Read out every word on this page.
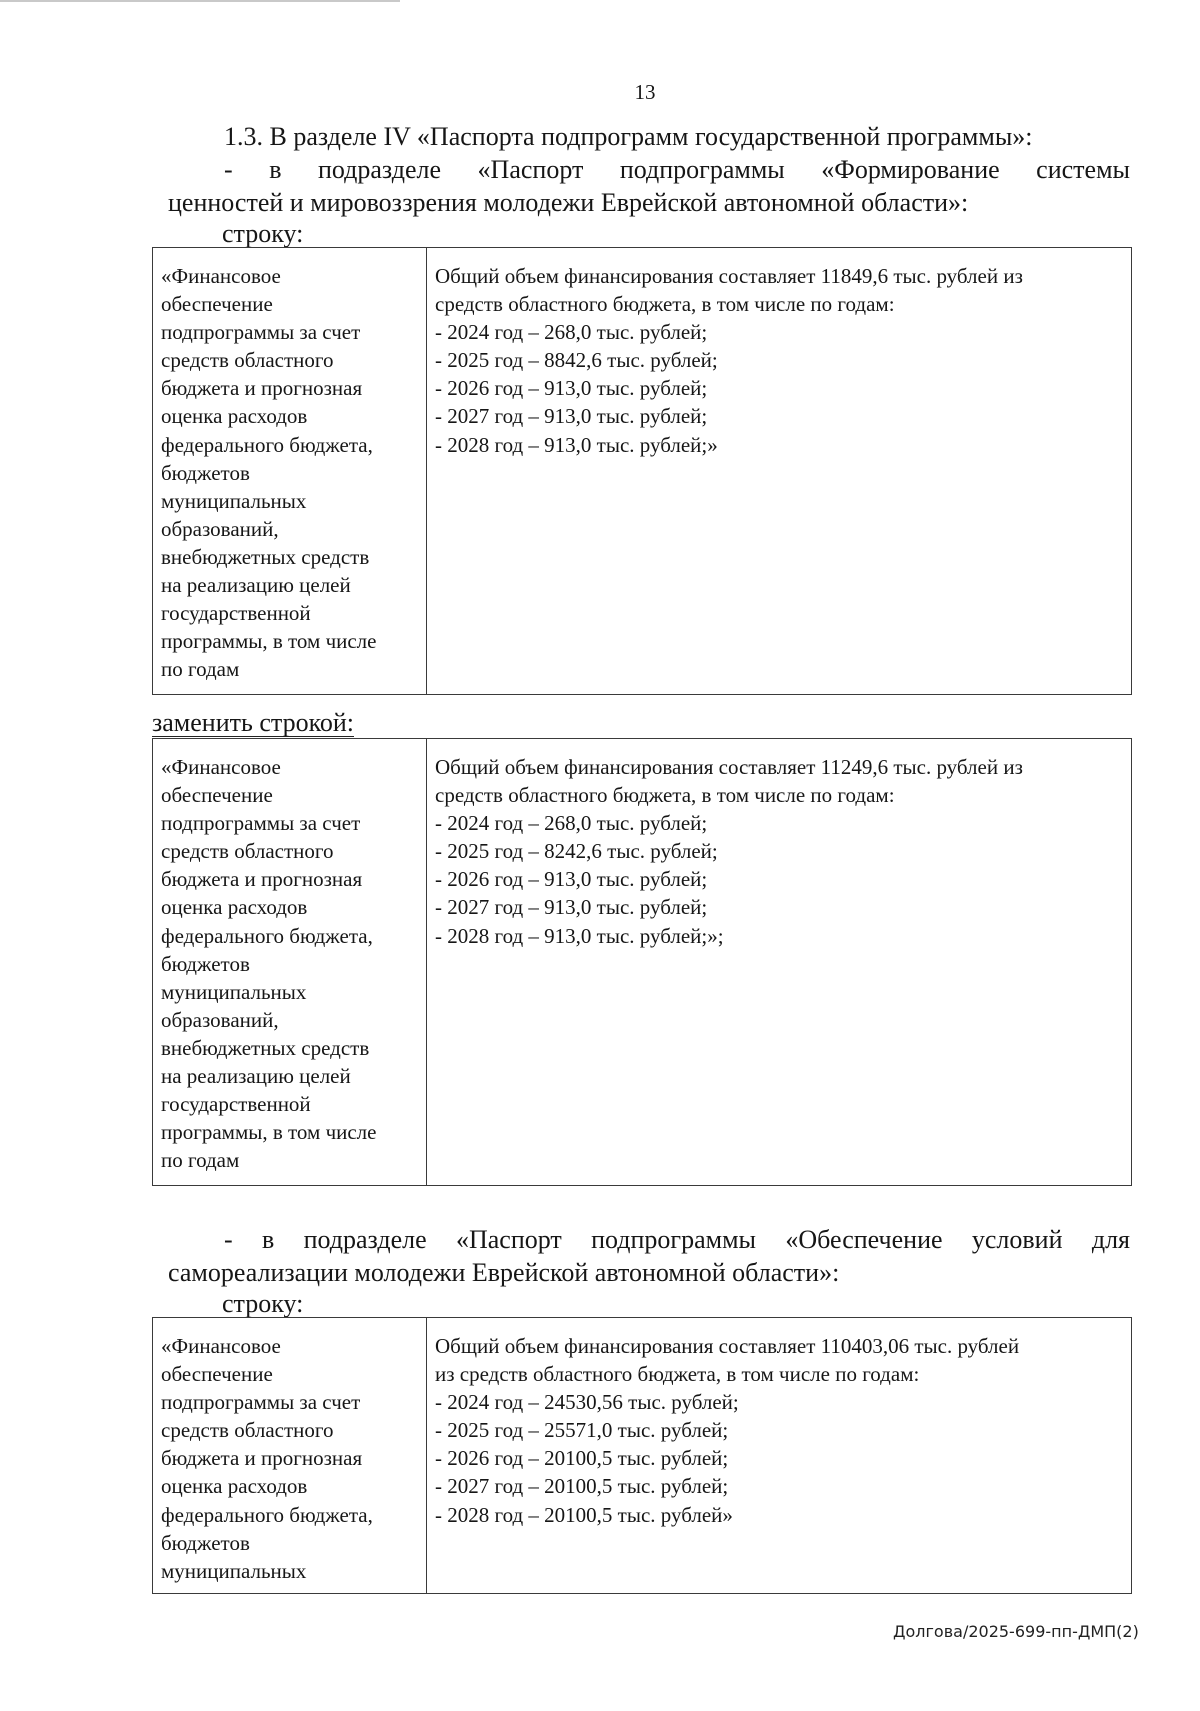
13

1.3. В разделе IV «Паспорта подпрограмм государственной программы»:

- в подразделе «Паспорт подпрограммы «Формирование системы

ценностей и мировоззрения молодежи Еврейской автономной области»:

строку:
«Финансовое
обеспечение
подпрограммы за счет
средств областного
бюджета и прогнозная
оценка расходов
федерального бюджета,
бюджетов
муниципальных
образований,
внебюджетных средств
на реализацию целей
государственной
программы, в том числе
по годам

Общий объем финансирования составляет 11849,6 тыс. рублей из
средств областного бюджета, в том числе по годам:
- 2024 год – 268,0 тыс. рублей;
- 2025 год – 8842,6 тыс. рублей;
- 2026 год – 913,0 тыс. рублей;
- 2027 год – 913,0 тыс. рублей;
- 2028 год – 913,0 тыс. рублей;»
заменить строкой:
«Финансовое
обеспечение
подпрограммы за счет
средств областного
бюджета и прогнозная
оценка расходов
федерального бюджета,
бюджетов
муниципальных
образований,
внебюджетных средств
на реализацию целей
государственной
программы, в том числе
по годам

Общий объем финансирования составляет 11249,6 тыс. рублей из
средств областного бюджета, в том числе по годам:
- 2024 год – 268,0 тыс. рублей;
- 2025 год – 8242,6 тыс. рублей;
- 2026 год – 913,0 тыс. рублей;
- 2027 год – 913,0 тыс. рублей;
- 2028 год – 913,0 тыс. рублей;»;

- в подразделе «Паспорт подпрограммы «Обеспечение условий для

самореализации молодежи Еврейской автономной области»:

строку:
«Финансовое
обеспечение
подпрограммы за счет
средств областного
бюджета и прогнозная
оценка расходов
федерального бюджета,
бюджетов
муниципальных

Общий объем финансирования составляет 110403,06 тыс. рублей
из средств областного бюджета, в том числе по годам:
- 2024 год – 24530,56 тыс. рублей;
- 2025 год – 25571,0 тыс. рублей;
- 2026 год – 20100,5 тыс. рублей;
- 2027 год – 20100,5 тыс. рублей;
- 2028 год – 20100,5 тыс. рублей»
Долгова/2025-699-пп-ДМП(2)
